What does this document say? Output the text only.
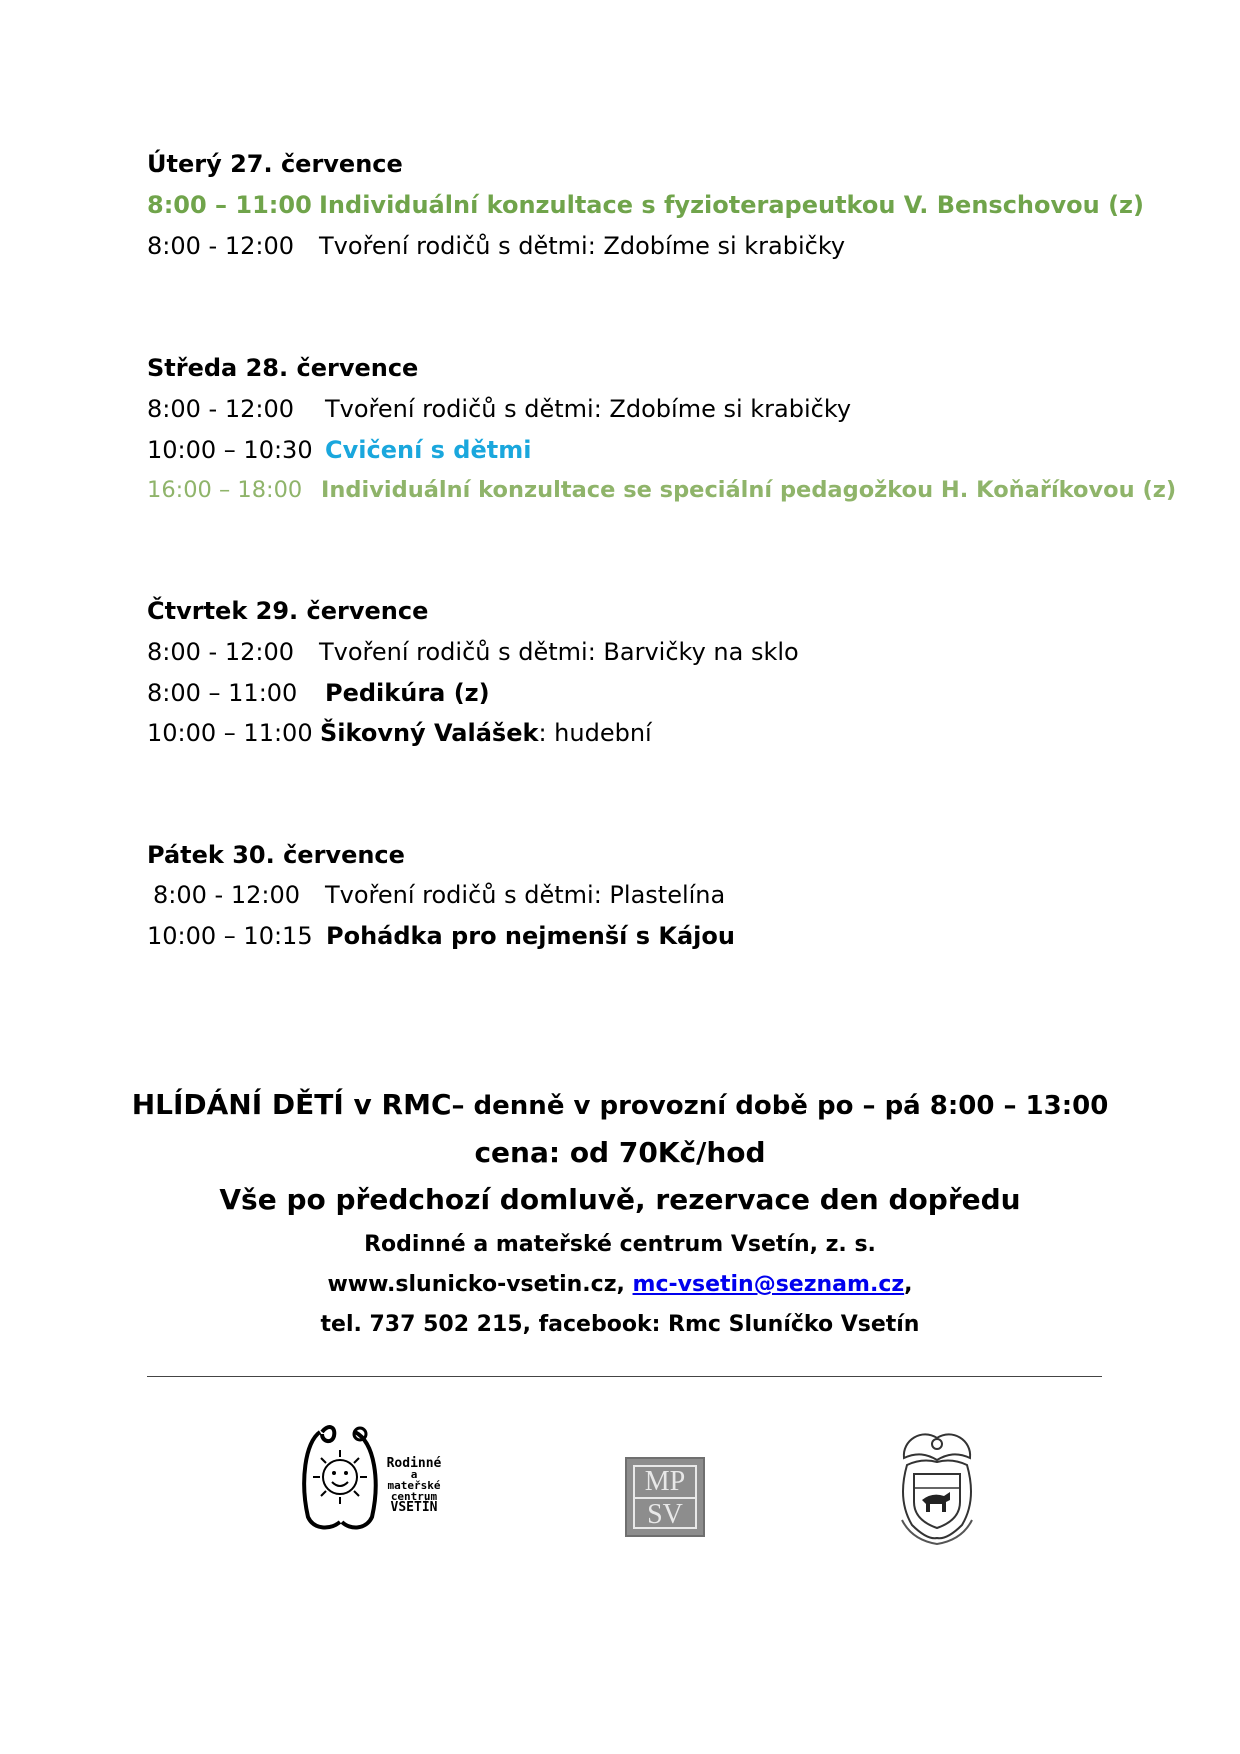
Úterý 27. července
8:00 – 11:00 Individuální konzultace s fyzioterapeutkou V. Benschovou (z)
8:00 - 12:00 Tvoření rodičů s dětmi: Zdobíme si krabičky
Středa 28. července
8:00 - 12:00 Tvoření rodičů s dětmi: Zdobíme si krabičky
10:00 – 10:30 Cvičení s dětmi
16:00 – 18:00 Individuální konzultace se speciální pedagožkou H. Koňaříkovou (z)
Čtvrtek 29. července
8:00 - 12:00 Tvoření rodičů s dětmi: Barvičky na sklo
8:00 – 11:00 Pedikúra (z)
10:00 – 11:00 Šikovný Valášek: hudební
Pátek 30. července
8:00 - 12:00 Tvoření rodičů s dětmi: Plastelína
10:00 – 10:15 Pohádka pro nejmenší s Kájou
HLÍDÁNÍ DĚTÍ v RMC– denně v provozní době po – pá 8:00 – 13:00
cena: od 70Kč/hod
Vše po předchozí domluvě, rezervace den dopředu
Rodinné a mateřské centrum Vsetín, z. s.
www.slunicko-vsetin.cz, mc-vsetin@seznam.cz,
tel. 737 502 215, facebook: Rmc Sluníčko Vsetín
Rodinné
a
mateřské
centrum
VSETÍN
MP
SV
